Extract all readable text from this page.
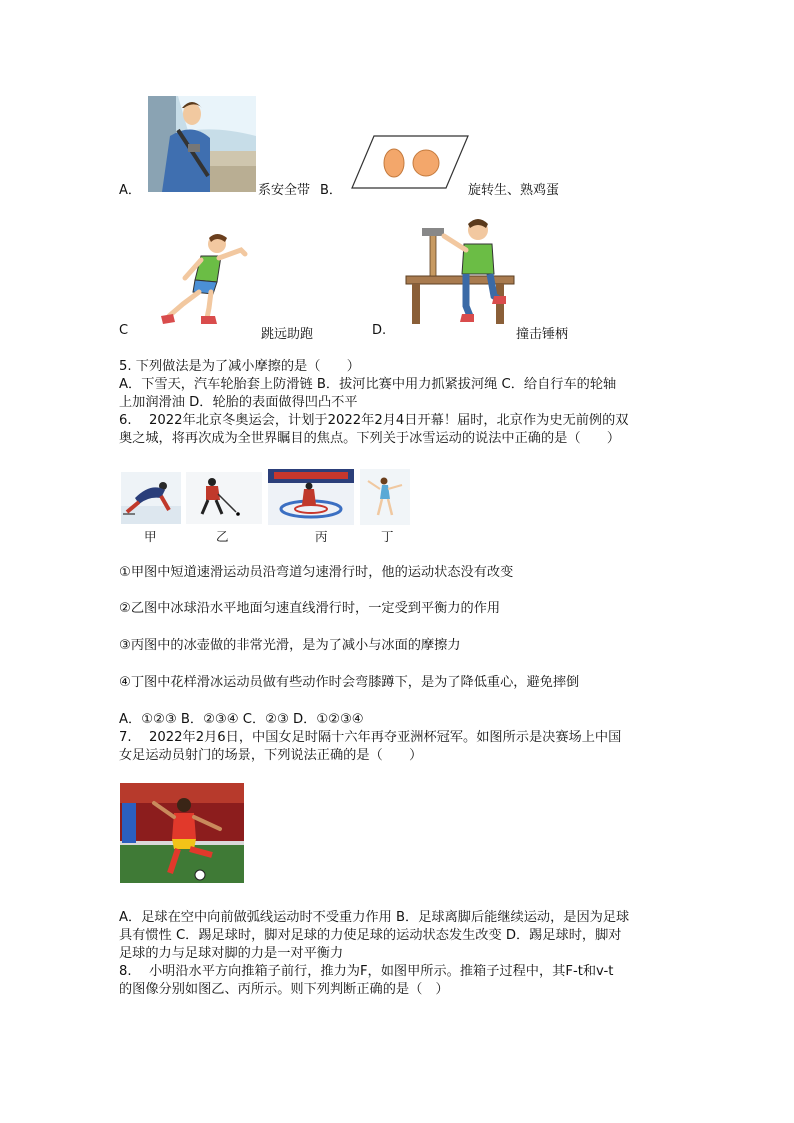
A．	系安全带 B．	旋转生、熟鸡蛋
C	跳远助跑	D.	撞击锤柄
5. 下列做法是为了减小摩擦的是（　　）
A．下雪天，汽车轮胎套上防滑链 B．拔河比赛中用力抓紧拔河绳 C．给自行车的轮轴
上加润滑油 D．轮胎的表面做得凹凸不平
6.　 2022年北京冬奥运会，计划于2022年2月4日开幕！届时，北京作为史无前例的双
奥之城，将再次成为全世界瞩目的焦点。下列关于冰雪运动的说法中正确的是（　　）
甲	乙	丙	丁
①甲图中短道速滑运动员沿弯道匀速滑行时，他的运动状态没有改变
②乙图中冰球沿水平地面匀速直线滑行时，一定受到平衡力的作用
③丙图中的冰壶做的非常光滑，是为了减小与冰面的摩擦力
④丁图中花样滑冰运动员做有些动作时会弯膝蹲下，是为了降低重心，避免摔倒
A．①②③ B．②③④ C．②③ D．①②③④
7.　 2022年2月6日，中国女足时隔十六年再夺亚洲杯冠军。如图所示是决赛场上中国
女足运动员射门的场景，下列说法正确的是（　　）
A．足球在空中向前做弧线运动时不受重力作用 B．足球离脚后能继续运动，是因为足球
具有惯性 C．踢足球时，脚对足球的力使足球的运动状态发生改变 D．踢足球时，脚对
足球的力与足球对脚的力是一对平衡力
8.　 小明沿水平方向推箱子前行，推力为F，如图甲所示。推箱子过程中，其F-t和v-t
的图像分别如图乙、丙所示。则下列判断正确的是（　）
